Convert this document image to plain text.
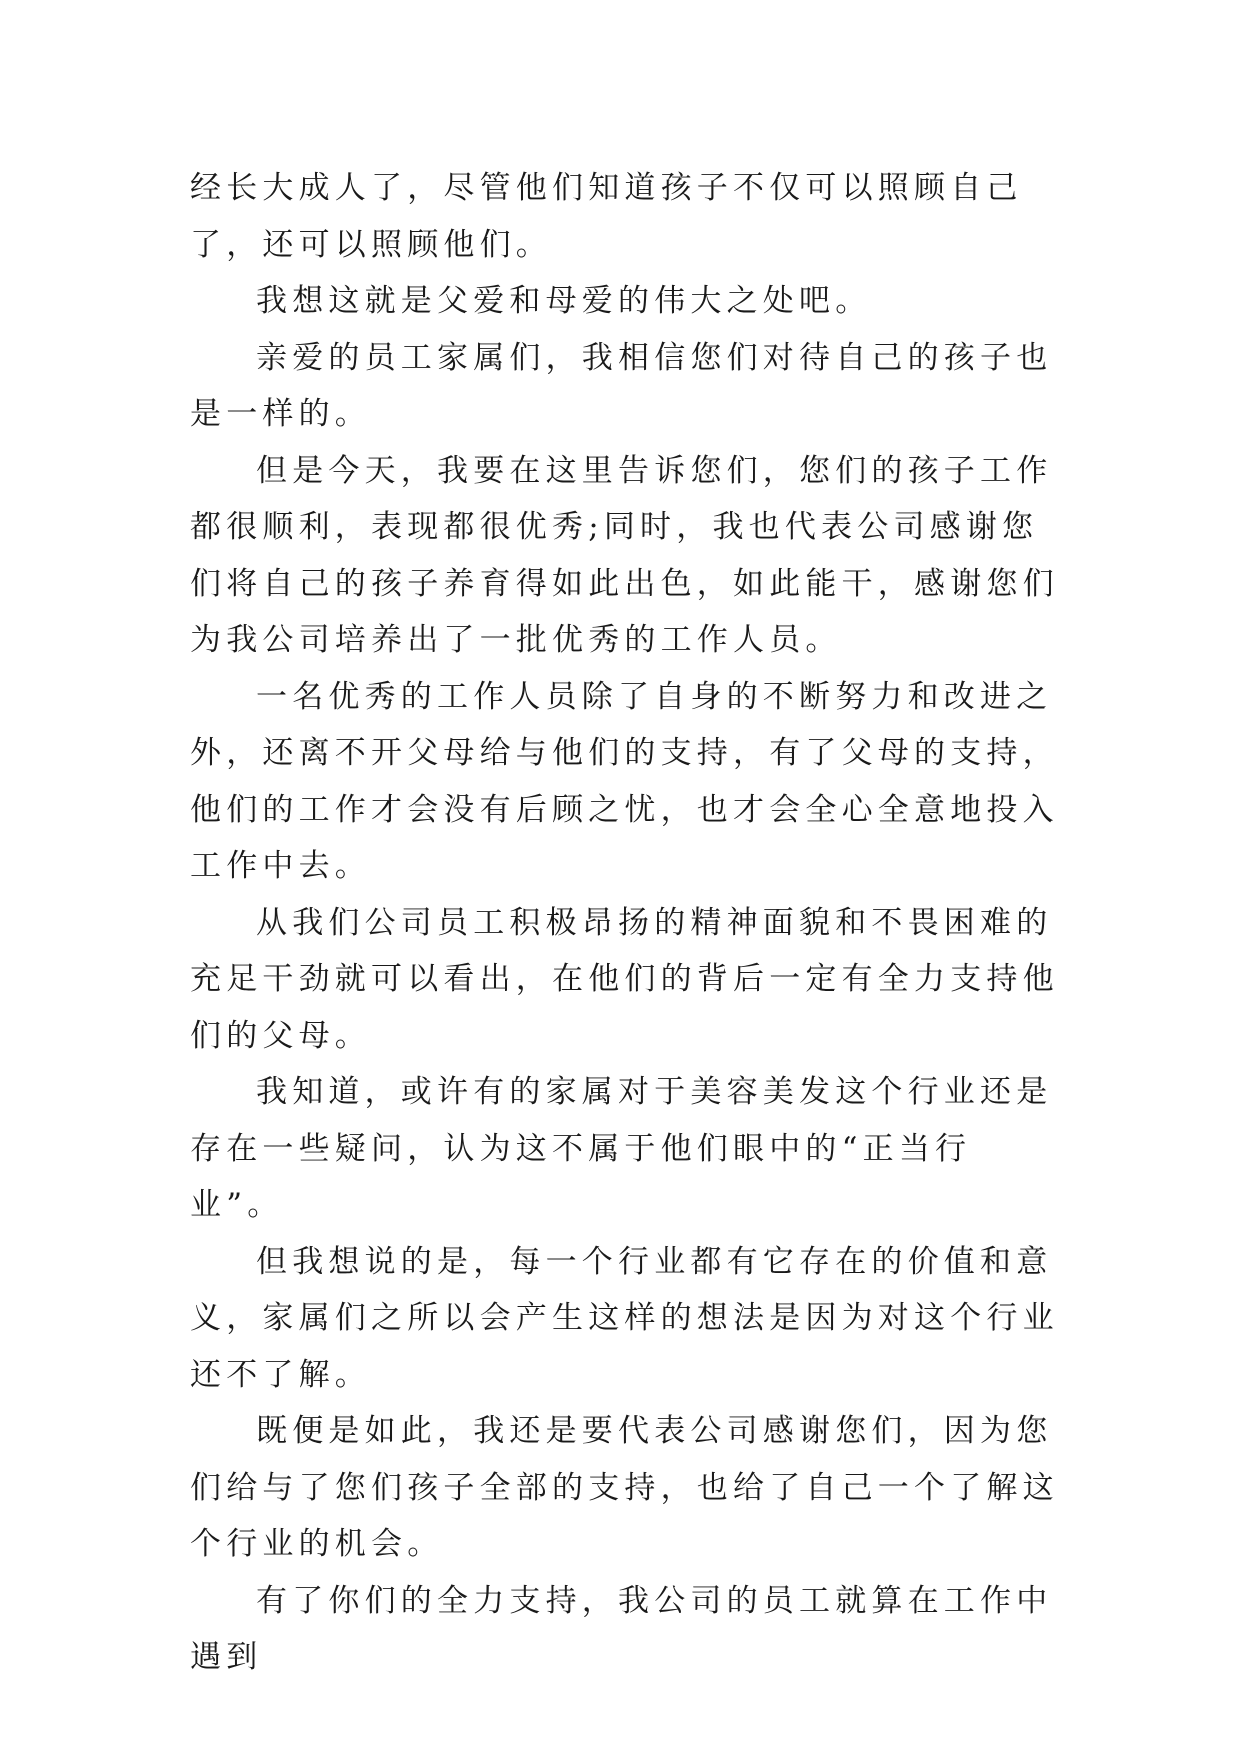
经长大成人了，尽管他们知道孩子不仅可以照顾自己了，还可以照顾他们。

我想这就是父爱和母爱的伟大之处吧。

亲爱的员工家属们，我相信您们对待自己的孩子也是一样的。

但是今天，我要在这里告诉您们，您们的孩子工作都很顺利，表现都很优秀;同时，我也代表公司感谢您们将自己的孩子养育得如此出色，如此能干，感谢您们为我公司培养出了一批优秀的工作人员。

一名优秀的工作人员除了自身的不断努力和改进之外，还离不开父母给与他们的支持，有了父母的支持，他们的工作才会没有后顾之忧，也才会全心全意地投入工作中去。

从我们公司员工积极昂扬的精神面貌和不畏困难的充足干劲就可以看出，在他们的背后一定有全力支持他们的父母。

我知道，或许有的家属对于美容美发这个行业还是存在一些疑问，认为这不属于他们眼中的“正当行业”。

但我想说的是，每一个行业都有它存在的价值和意义，家属们之所以会产生这样的想法是因为对这个行业还不了解。

既便是如此，我还是要代表公司感谢您们，因为您们给与了您们孩子全部的支持，也给了自己一个了解这个行业的机会。

有了你们的全力支持，我公司的员工就算在工作中遇到
